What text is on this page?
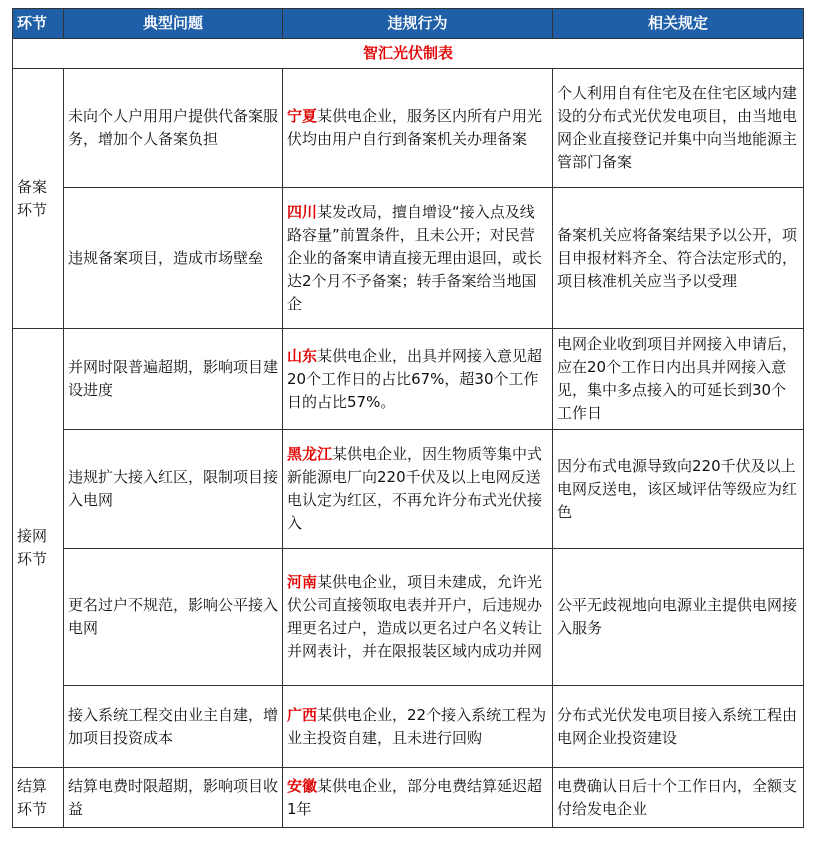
环节	典型问题	违规行为	相关规定
智汇光伏制表			
备案
环节	未向个人户用用户提供代备案服务，增加个人备案负担	宁夏某供电企业，服务区内所有户用光伏均由用户自行到备案机关办理备案	个人利用自有住宅及在住宅区域内建设的分布式光伏发电项目，由当地电网企业直接登记并集中向当地能源主管部门备案
	违规备案项目，造成市场壁垒	四川某发改局，擅自增设“接入点及线路容量”前置条件，且未公开；对民营企业的备案申请直接无理由退回，或长达2个月不予备案；转手备案给当地国企	备案机关应将备案结果予以公开，项目申报材料齐全、符合法定形式的，项目核准机关应当予以受理
接网
环节	并网时限普遍超期，影响项目建设进度	山东某供电企业，出具并网接入意见超20个工作日的占比67%，超30个工作日的占比57%。	电网企业收到项目并网接入申请后，应在20个工作日内出具并网接入意见，集中多点接入的可延长到30个工作日
	违规扩大接入红区，限制项目接入电网	黑龙江某供电企业，因生物质等集中式新能源电厂向220千伏及以上电网反送电认定为红区，不再允许分布式光伏接入	因分布式电源导致向220千伏及以上电网反送电，该区域评估等级应为红色
	更名过户不规范，影响公平接入电网	河南某供电企业，项目未建成，允许光伏公司直接领取电表并开户，后违规办理更名过户，造成以更名过户名义转让并网表计，并在限报装区域内成功并网	公平无歧视地向电源业主提供电网接入服务
	接入系统工程交由业主自建，增加项目投资成本	广西某供电企业，22个接入系统工程为业主投资自建，且未进行回购	分布式光伏发电项目接入系统工程由电网企业投资建设
结算
环节	结算电费时限超期，影响项目收益	安徽某供电企业，部分电费结算延迟超1年	电费确认日后十个工作日内，全额支付给发电企业
